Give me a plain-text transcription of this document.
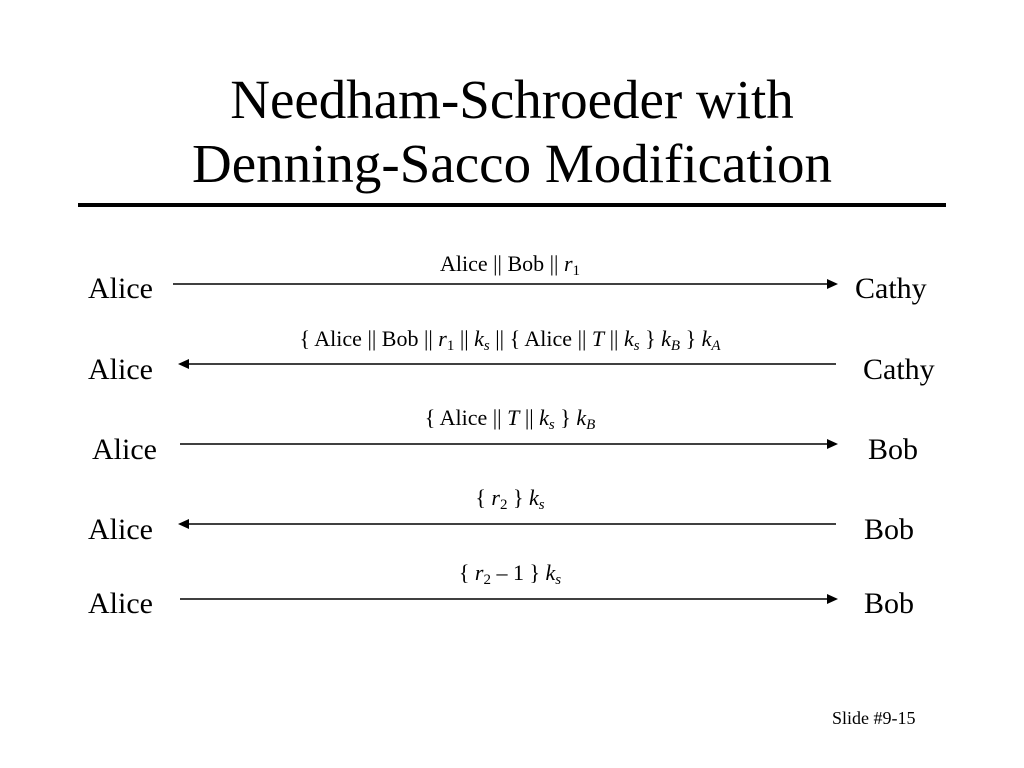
Needham-Schroeder with
Denning-Sacco Modification
Alice || Bob || $r_1$
Alice	Cathy
{ Alice || Bob || $r_1$ || $k_s$ || { Alice || T || $k_s$ } $k_B$ } $k_A$
Alice	Cathy
{ Alice || T || $k_s$ } $k_B$
Alice	Bob
{ $r_2$ } $k_s$
Alice	Bob
{ $r_2 - 1$ } $k_s$
Alice	Bob
Slide #9-15
